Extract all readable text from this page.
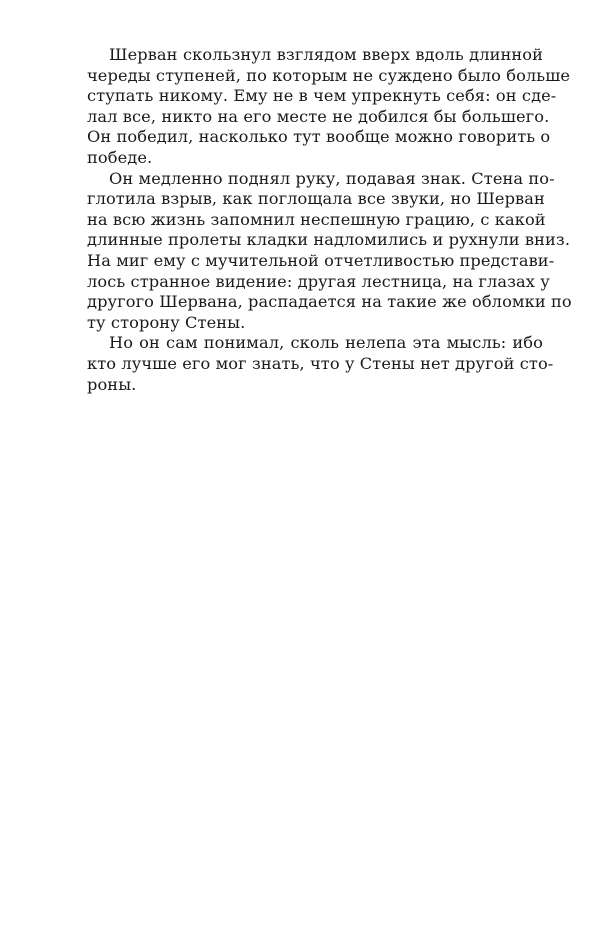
Шерван скользнул взглядом вверх вдоль длинной
череды ступеней, по которым не суждено было больше
ступать никому. Ему не в чем упрекнуть себя: он сде-
лал все, никто на его месте не добился бы большего.
Он победил, насколько тут вообще можно говорить о
победе.
Он медленно поднял руку, подавая знак. Стена по-
глотила взрыв, как поглощала все звуки, но Шерван
на всю жизнь запомнил неспешную грацию, с какой
длинные пролеты кладки надломились и рухнули вниз.
На миг ему с мучительной отчетливостью представи-
лось странное видение: другая лестница, на глазах у
другого Шервана, распадается на такие же обломки по
ту сторону Стены.
Но он сам понимал, сколь нелепа эта мысль: ибо
кто лучше его мог знать, что у Стены нет другой сто-
роны.
